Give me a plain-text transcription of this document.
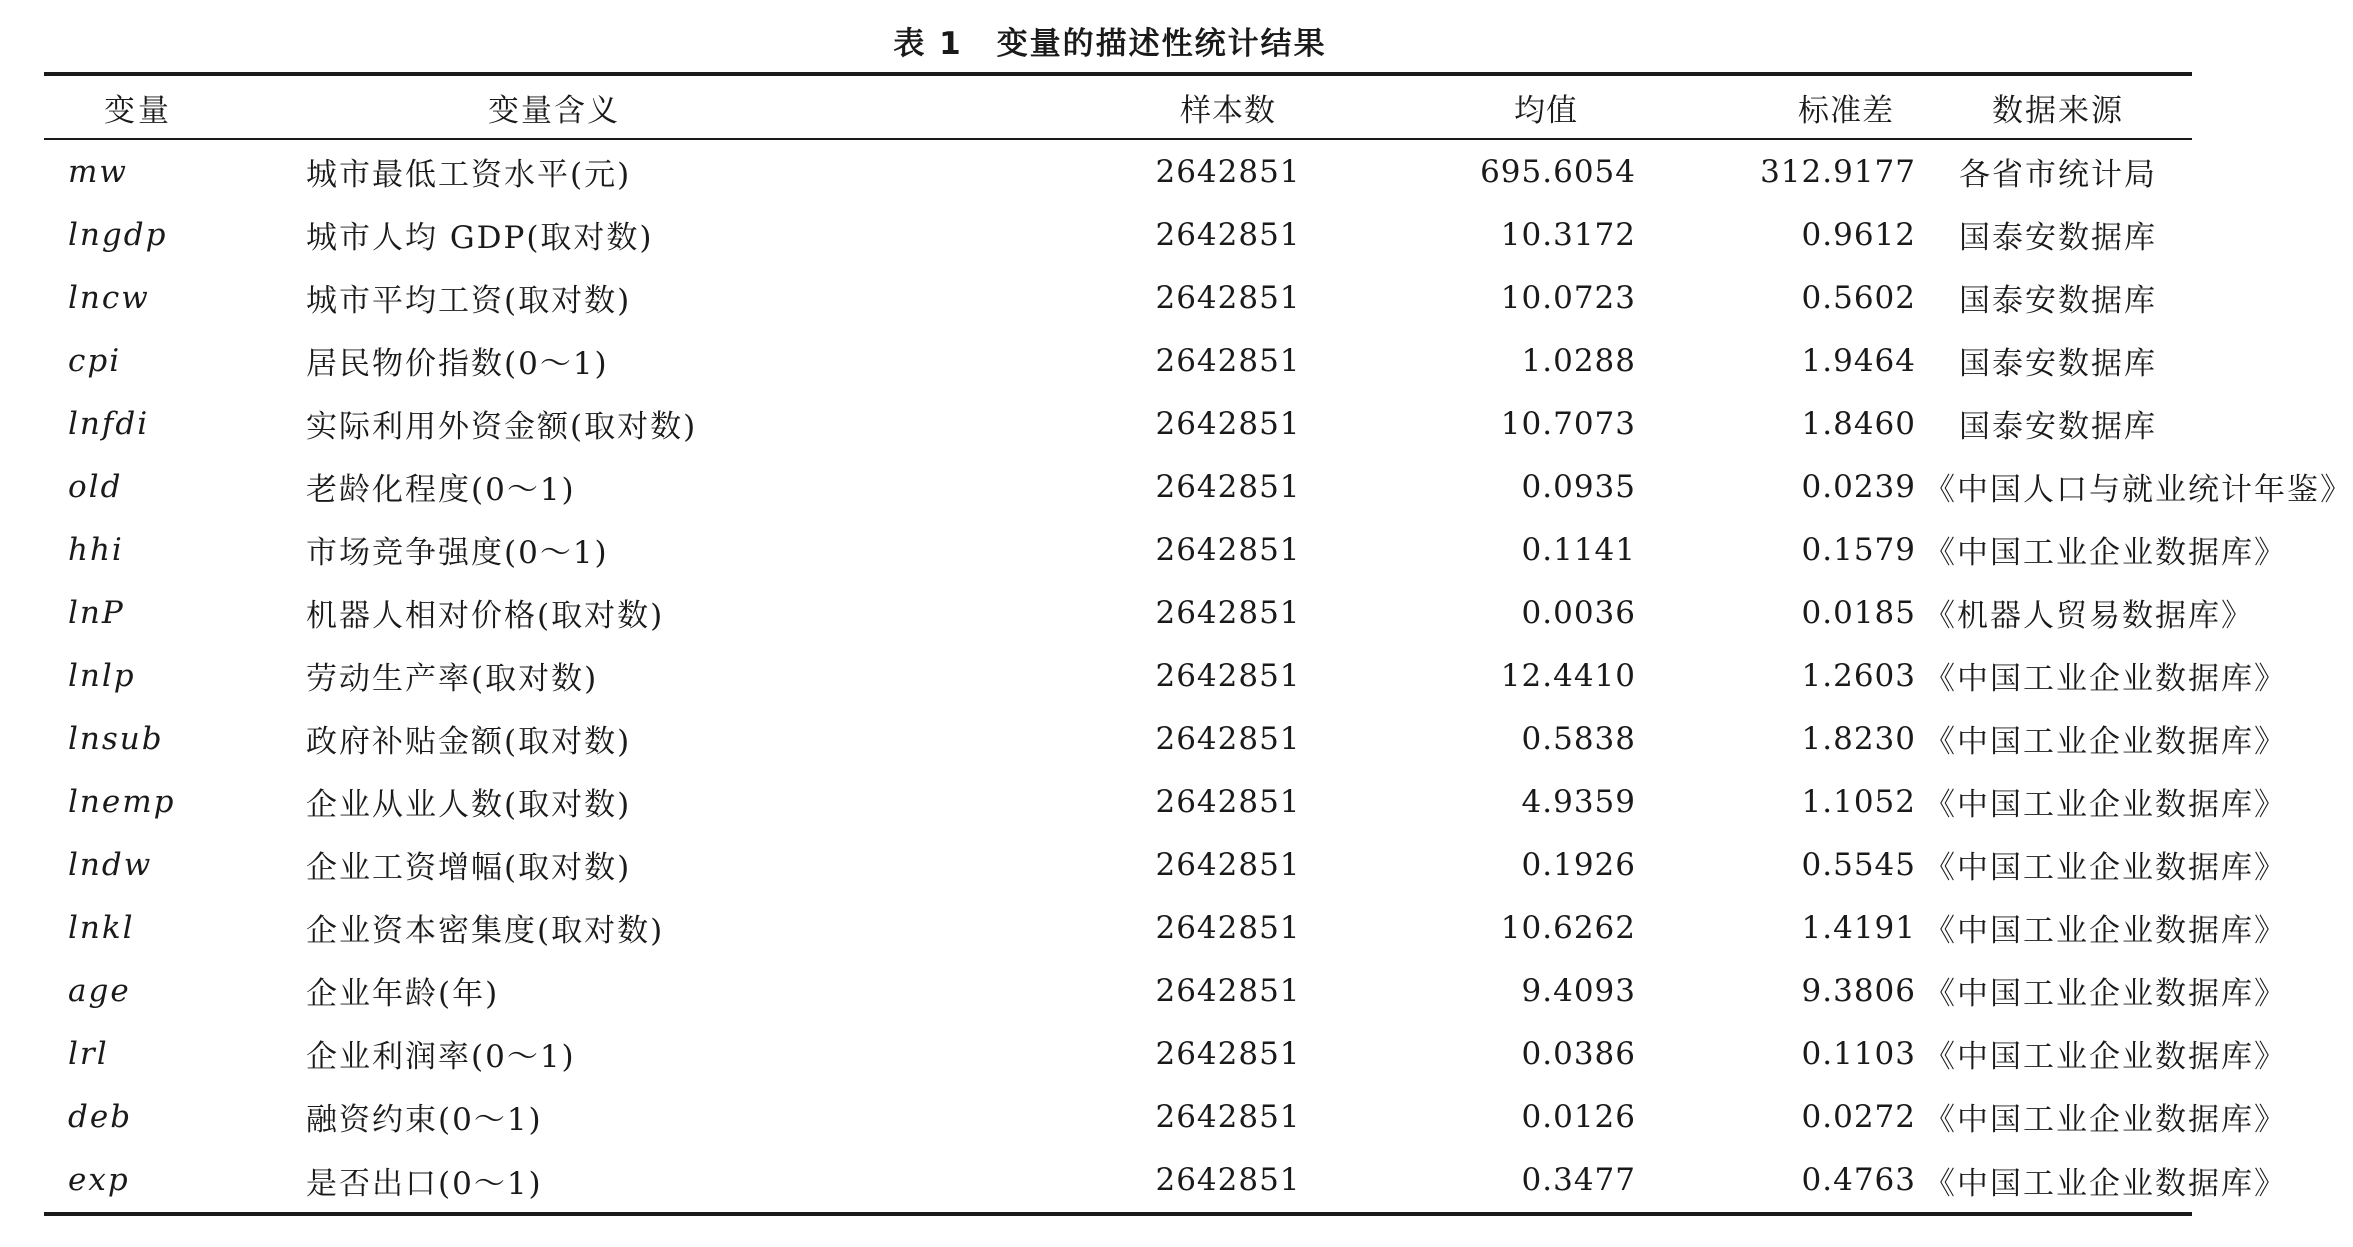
表 1 变量的描述性统计结果
变量	变量含义	样本数	均值	标准差	数据来源
mw	城市最低工资水平(元)	2642851	695.6054	312.9177	各省市统计局
lngdp	城市人均 GDP(取对数)	2642851	10.3172	0.9612	国泰安数据库
lncw	城市平均工资(取对数)	2642851	10.0723	0.5602	国泰安数据库
cpi	居民物价指数(0～1)	2642851	1.0288	1.9464	国泰安数据库
lnfdi	实际利用外资金额(取对数)	2642851	10.7073	1.8460	国泰安数据库
old	老龄化程度(0～1)	2642851	0.0935	0.0239	《中国人口与就业统计年鉴》
hhi	市场竞争强度(0～1)	2642851	0.1141	0.1579	《中国工业企业数据库》
lnP	机器人相对价格(取对数)	2642851	0.0036	0.0185	《机器人贸易数据库》
lnlp	劳动生产率(取对数)	2642851	12.4410	1.2603	《中国工业企业数据库》
lnsub	政府补贴金额(取对数)	2642851	0.5838	1.8230	《中国工业企业数据库》
lnemp	企业从业人数(取对数)	2642851	4.9359	1.1052	《中国工业企业数据库》
lndw	企业工资增幅(取对数)	2642851	0.1926	0.5545	《中国工业企业数据库》
lnkl	企业资本密集度(取对数)	2642851	10.6262	1.4191	《中国工业企业数据库》
age	企业年龄(年)	2642851	9.4093	9.3806	《中国工业企业数据库》
lrl	企业利润率(0～1)	2642851	0.0386	0.1103	《中国工业企业数据库》
deb	融资约束(0～1)	2642851	0.0126	0.0272	《中国工业企业数据库》
exp	是否出口(0～1)	2642851	0.3477	0.4763	《中国工业企业数据库》
